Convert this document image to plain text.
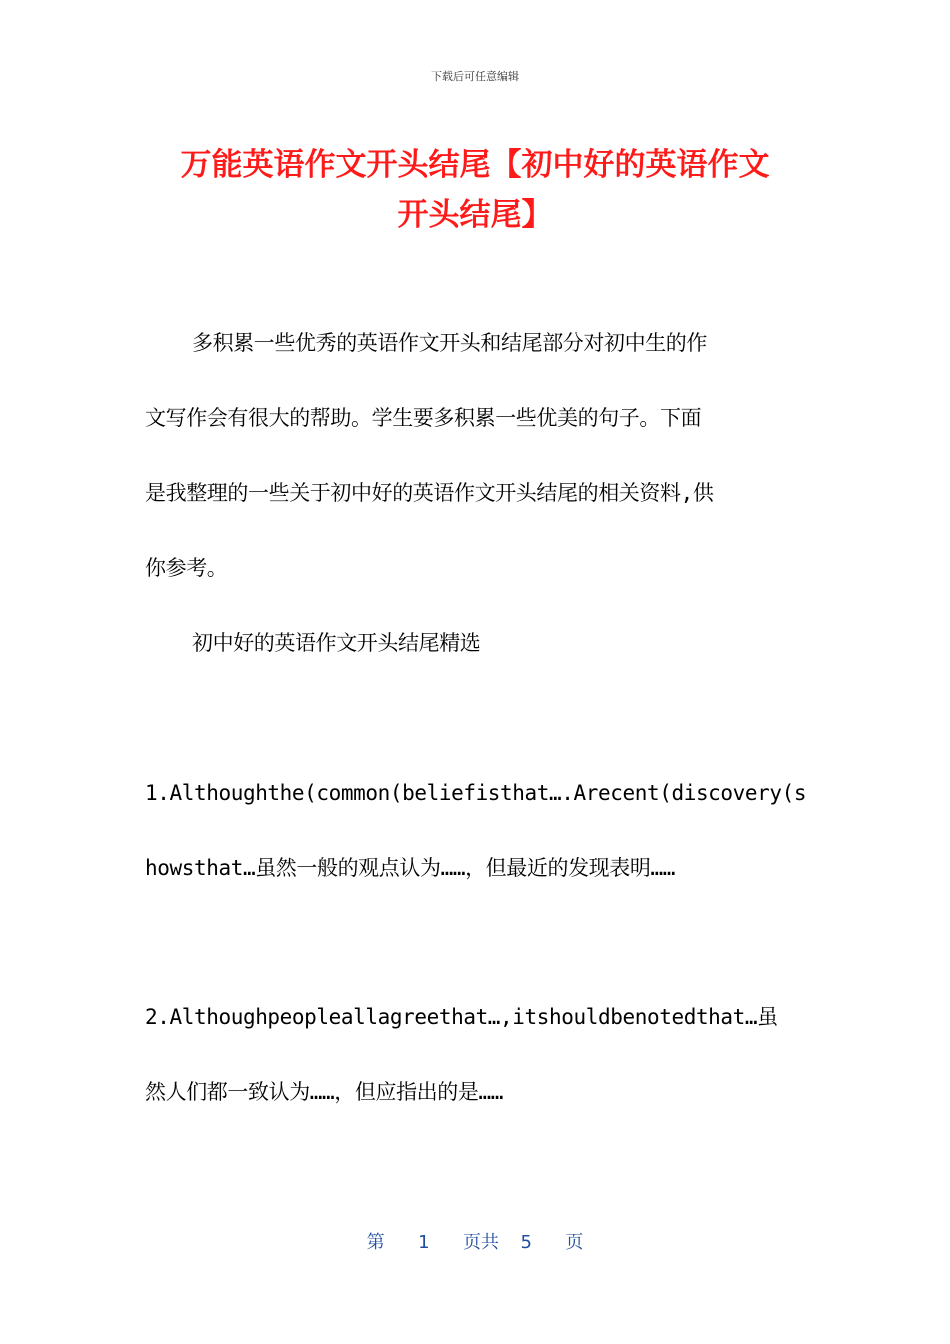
下载后可任意编辑
万能英语作文开头结尾【初中好的英语作文
开头结尾】
多积累一些优秀的英语作文开头和结尾部分对初中生的作
文写作会有很大的帮助。学生要多积累一些优美的句子。下面
是我整理的一些关于初中好的英语作文开头结尾的相关资料,供
你参考。
初中好的英语作文开头结尾精选
1.Althoughthe(common(beliefisthat….Arecent(discovery(s
howsthat…虽然一般的观点认为……，但最近的发现表明……
2.Althoughpeopleallagreethat…,itshouldbenotedthat…虽
然人们都一致认为……，但应指出的是……
第 1 页共 5 页
